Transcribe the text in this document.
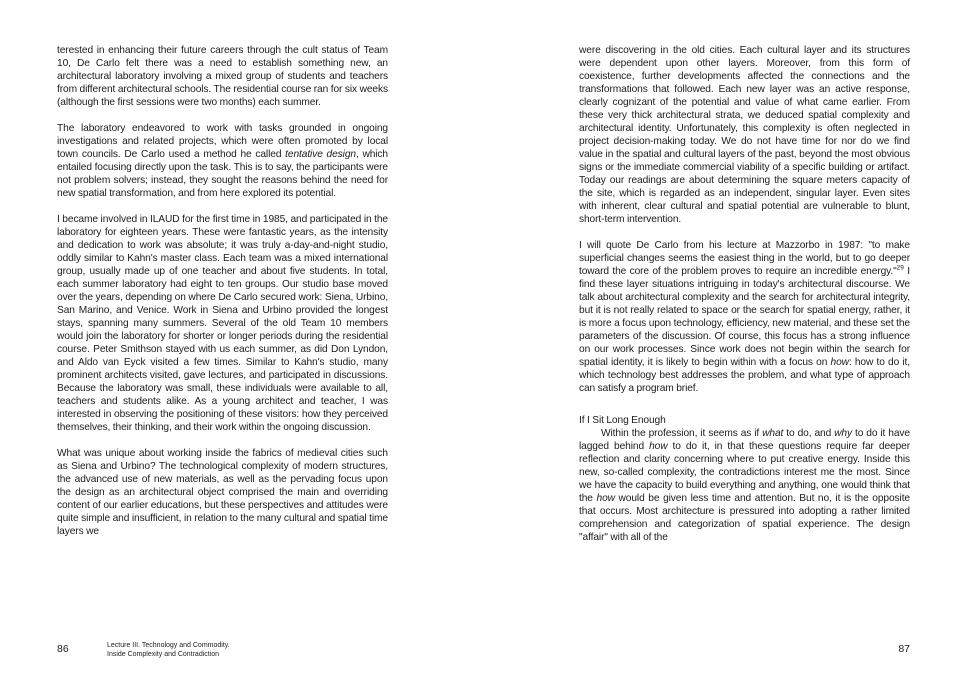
terested in enhancing their future careers through the cult status of Team 10, De Carlo felt there was a need to establish something new, an architectural laboratory involving a mixed group of students and teachers from different architectural schools. The residential course ran for six weeks (although the first sessions were two months) each summer.

The laboratory endeavored to work with tasks grounded in ongoing investigations and related projects, which were often promoted by local town councils. De Carlo used a method he called tentative design, which entailed focusing directly upon the task. This is to say, the participants were not problem solvers; instead, they sought the reasons behind the need for new spatial transformation, and from here explored its potential.

I became involved in ILAUD for the first time in 1985, and participated in the laboratory for eighteen years. These were fantastic years, as the intensity and dedication to work was absolute; it was truly a-day-and-night studio, oddly similar to Kahn's master class. Each team was a mixed international group, usually made up of one teacher and about five students. In total, each summer laboratory had eight to ten groups. Our studio base moved over the years, depending on where De Carlo secured work: Siena, Urbino, San Marino, and Venice. Work in Siena and Urbino provided the longest stays, spanning many summers. Several of the old Team 10 members would join the laboratory for shorter or longer periods during the residential course. Peter Smithson stayed with us each summer, as did Don Lyndon, and Aldo van Eyck visited a few times. Similar to Kahn's studio, many prominent architects visited, gave lectures, and participated in discussions. Because the laboratory was small, these individuals were available to all, teachers and students alike. As a young architect and teacher, I was interested in observing the positioning of these visitors: how they perceived themselves, their thinking, and their work within the ongoing discussion.

What was unique about working inside the fabrics of medieval cities such as Siena and Urbino? The technological complexity of modern structures, the advanced use of new materials, as well as the pervading focus upon the design as an architectural object comprised the main and overriding content of our earlier educations, but these perspectives and attitudes were quite simple and insufficient, in relation to the many cultural and spatial time layers we

were discovering in the old cities. Each cultural layer and its structures were dependent upon other layers. Moreover, from this form of coexistence, further developments affected the connections and the transformations that followed. Each new layer was an active response, clearly cognizant of the potential and value of what came earlier. From these very thick architectural strata, we deduced spatial complexity and architectural identity. Unfortunately, this complexity is often neglected in project decision-making today. We do not have time for nor do we find value in the spatial and cultural layers of the past, beyond the most obvious signs or the immediate commercial viability of a specific building or artifact. Today our readings are about determining the square meters capacity of the site, which is regarded as an independent, singular layer. Even sites with inherent, clear cultural and spatial potential are vulnerable to blunt, short-term intervention.

I will quote De Carlo from his lecture at Mazzorbo in 1987: "to make superficial changes seems the easiest thing in the world, but to go deeper toward the core of the problem proves to require an incredible energy."$^{29}$ I find these layer situations intriguing in today's architectural discourse. We talk about architectural complexity and the search for architectural integrity, but it is not really related to space or the search for spatial energy, rather, it is more a focus upon technology, efficiency, new material, and these set the parameters of the discussion. Of course, this focus has a strong influence on our work processes. Since work does not begin within the search for spatial identity, it is likely to begin within with a focus on how: how to do it, which technology best addresses the problem, and what type of approach can satisfy a program brief.

If I Sit Long Enough

Within the profession, it seems as if what to do, and why to do it have lagged behind how to do it, in that these questions require far deeper reflection and clarity concerning where to put creative energy. Inside this new, so-called complexity, the contradictions interest me the most. Since we have the capacity to build everything and anything, one would think that the how would be given less time and attention. But no, it is the opposite that occurs. Most architecture is pressured into adopting a rather limited comprehension and categorization of spatial experience. The design "affair" with all of the

86	Lecture III. Technology and Commodity.
Inside Complexity and Contradiction	87
